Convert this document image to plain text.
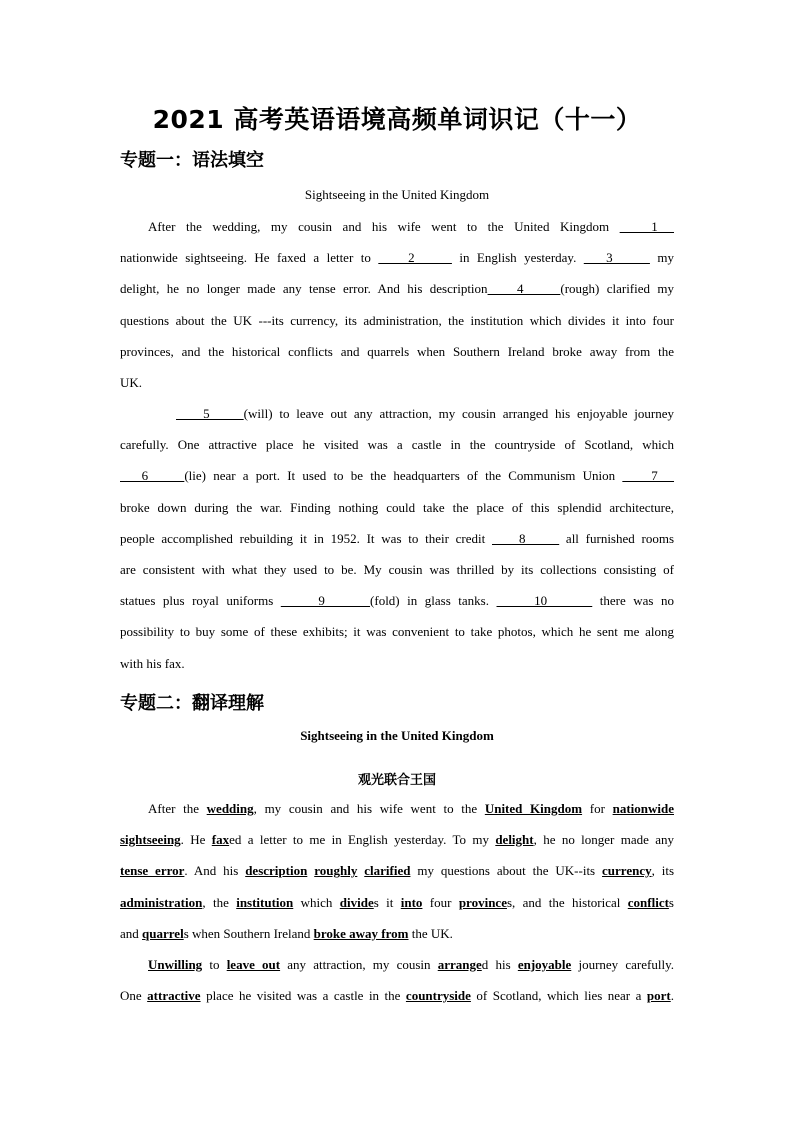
2021 高考英语语境高频单词识记（十一）
专题一：语法填空
Sightseeing in the United Kingdom
After the wedding, my cousin and his wife went to the United Kingdom    1
nationwide sightseeing. He faxed a letter to     2      in English yesterday.    3      my
delight, he no longer made any tense error. And his description    4     (rough) clarified my
questions about the UK ---its currency, its administration, the institution which divides it into four
provinces, and the historical conflicts and quarrels when Southern Ireland broke away from the
UK.
5     (will) to leave out any attraction, my cousin arranged his enjoyable journey
carefully. One attractive place he visited was a castle in the countryside of Scotland, which
6     (lie) near a port. It used to be the headquarters of the Communism Union     7
broke down during the war. Finding nothing could take the place of this splendid architecture,
people accomplished rebuilding it in 1952. It was to their credit     8      all furnished rooms
are consistent with what they used to be. My cousin was thrilled by its collections consisting of
statues plus royal uniforms      9      (fold) in glass tanks.      10       there was no
possibility to buy some of these exhibits; it was convenient to take photos, which he sent me along
with his fax.
专题二：翻译理解
Sightseeing in the United Kingdom
观光联合王国
After the wedding, my cousin and his wife went to the United Kingdom for nationwide
sightseeing. He faxed a letter to me in English yesterday. To my delight, he no longer made any
tense error. And his description roughly clarified my questions about the UK--its currency, its
administration, the institution which divides it into four provinces, and the historical conflicts
and quarrels when Southern Ireland broke away from the UK.
Unwilling to leave out any attraction, my cousin arranged his enjoyable journey carefully.
One attractive place he visited was a castle in the countryside of Scotland, which lies near a port.
